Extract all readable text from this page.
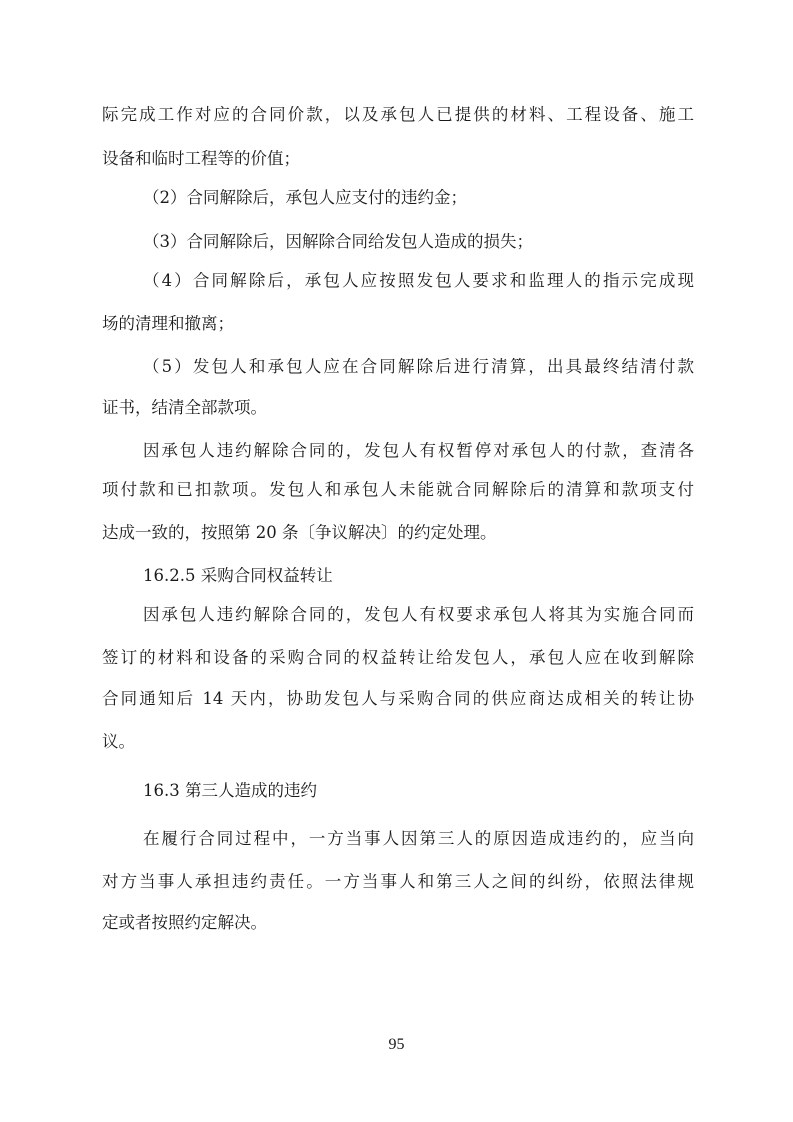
际完成工作对应的合同价款，以及承包人已提供的材料、工程设备、施工
设备和临时工程等的价值；
（2）合同解除后，承包人应支付的违约金；
（3）合同解除后，因解除合同给发包人造成的损失；
（4）合同解除后，承包人应按照发包人要求和监理人的指示完成现
场的清理和撤离；
（5）发包人和承包人应在合同解除后进行清算，出具最终结清付款
证书，结清全部款项。
因承包人违约解除合同的，发包人有权暂停对承包人的付款，查清各
项付款和已扣款项。发包人和承包人未能就合同解除后的清算和款项支付
达成一致的，按照第 20 条〔争议解决〕的约定处理。
16.2.5 采购合同权益转让
因承包人违约解除合同的，发包人有权要求承包人将其为实施合同而
签订的材料和设备的采购合同的权益转让给发包人，承包人应在收到解除
合同通知后 14 天内，协助发包人与采购合同的供应商达成相关的转让协
议。
16.3 第三人造成的违约
在履行合同过程中，一方当事人因第三人的原因造成违约的，应当向
对方当事人承担违约责任。一方当事人和第三人之间的纠纷，依照法律规
定或者按照约定解决。
95
